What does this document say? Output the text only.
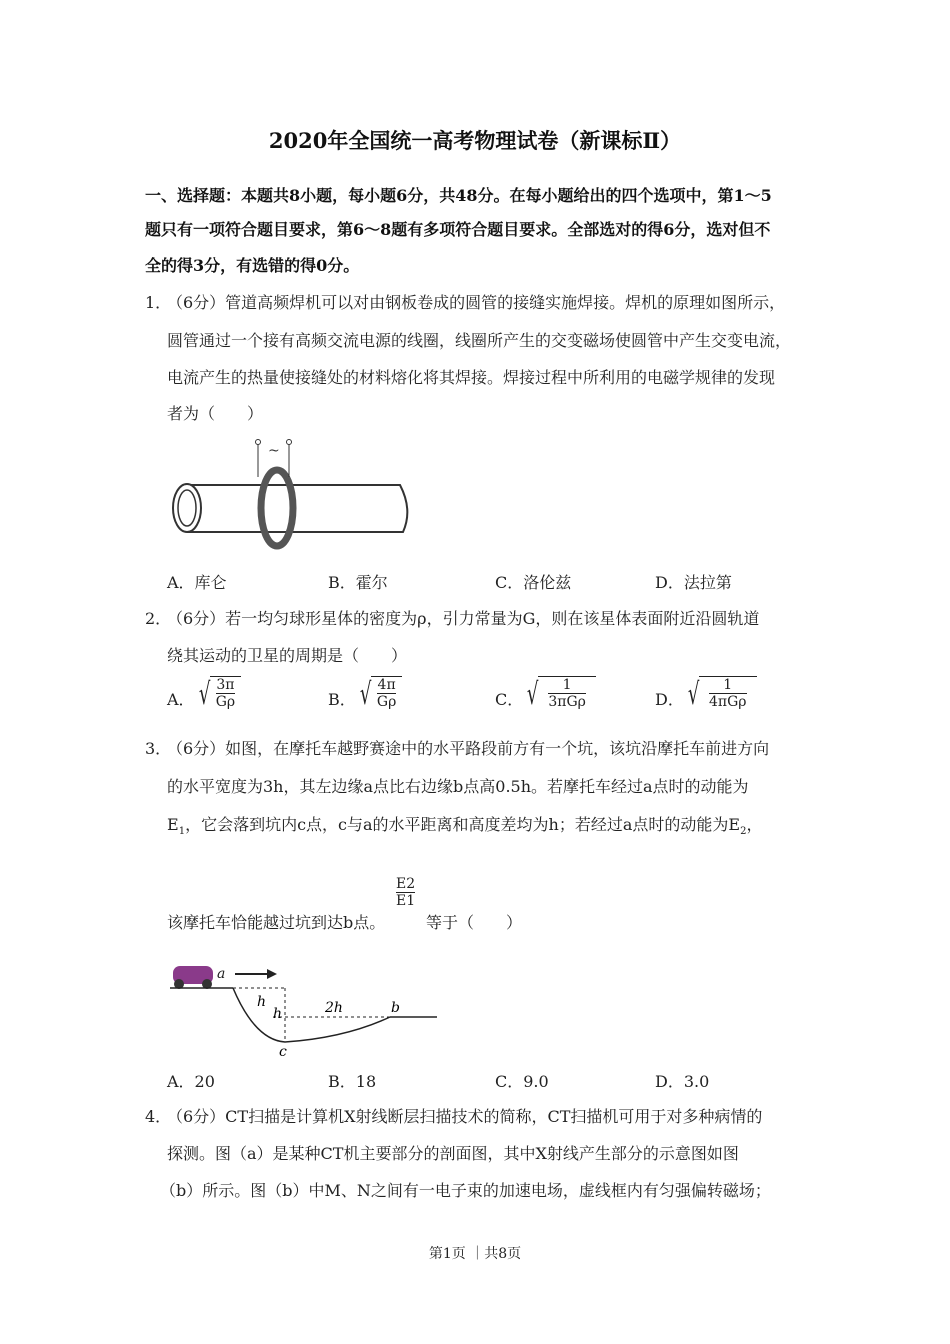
2020年全国统一高考物理试卷（新课标Ⅱ）
一、选择题：本题共8小题，每小题6分，共48分。在每小题给出的四个选项中，第1～5
题只有一项符合题目要求，第6～8题有多项符合题目要求。全部选对的得6分，选对但不
全的得3分，有选错的得0分。
1．
（6分）管道高频焊机可以对由钢板卷成的圆管的接缝实施焊接。焊机的原理如图所示，
圆管通过一个接有高频交流电源的线圈，线圈所产生的交变磁场使圆管中产生交变电流，
电流产生的热量使接缝处的材料熔化将其焊接。焊接过程中所利用的电磁学规律的发现
者为（　　）
~
A．库仑	B．霍尔	C．洛伦兹	D．法拉第
2．
（6分）若一均匀球形星体的密度为ρ，引力常量为G，则在该星体表面附近沿圆轨道
绕其运动的卫星的周期是（　　）
A． √ $\frac{3\pi}{G\rho}$	B． √ $\frac{4\pi}{G\rho}$	C． √ $\frac{1}{\text{3πGρ}}$	D． √ $\frac{1}{\text{4πGρ}}$
3．
（6分）如图，在摩托车越野赛途中的水平路段前方有一个坑，该坑沿摩托车前进方向
的水平宽度为3h，其左边缘a点比右边缘b点高0.5h。若摩托车经过a点时的动能为
$E_1$，它会落到坑内c点，c与a的水平距离和高度差均为h；若经过a点时的动能为$E_2$，
该摩托车恰能越过坑到达b点。
$\frac{E2}{E1}$
等于（　　）
a
h
h	2h	b
c
A．20	B．18	C．9.0	D．3.0
4．
（6分）CT扫描是计算机X射线断层扫描技术的简称，CT扫描机可用于对多种病情的
探测。图（a）是某种CT机主要部分的剖面图，其中X射线产生部分的示意图如图
（b）所示。图（b）中M、N之间有一电子束的加速电场，虚线框内有匀强偏转磁场；
第1页 ｜共8页
